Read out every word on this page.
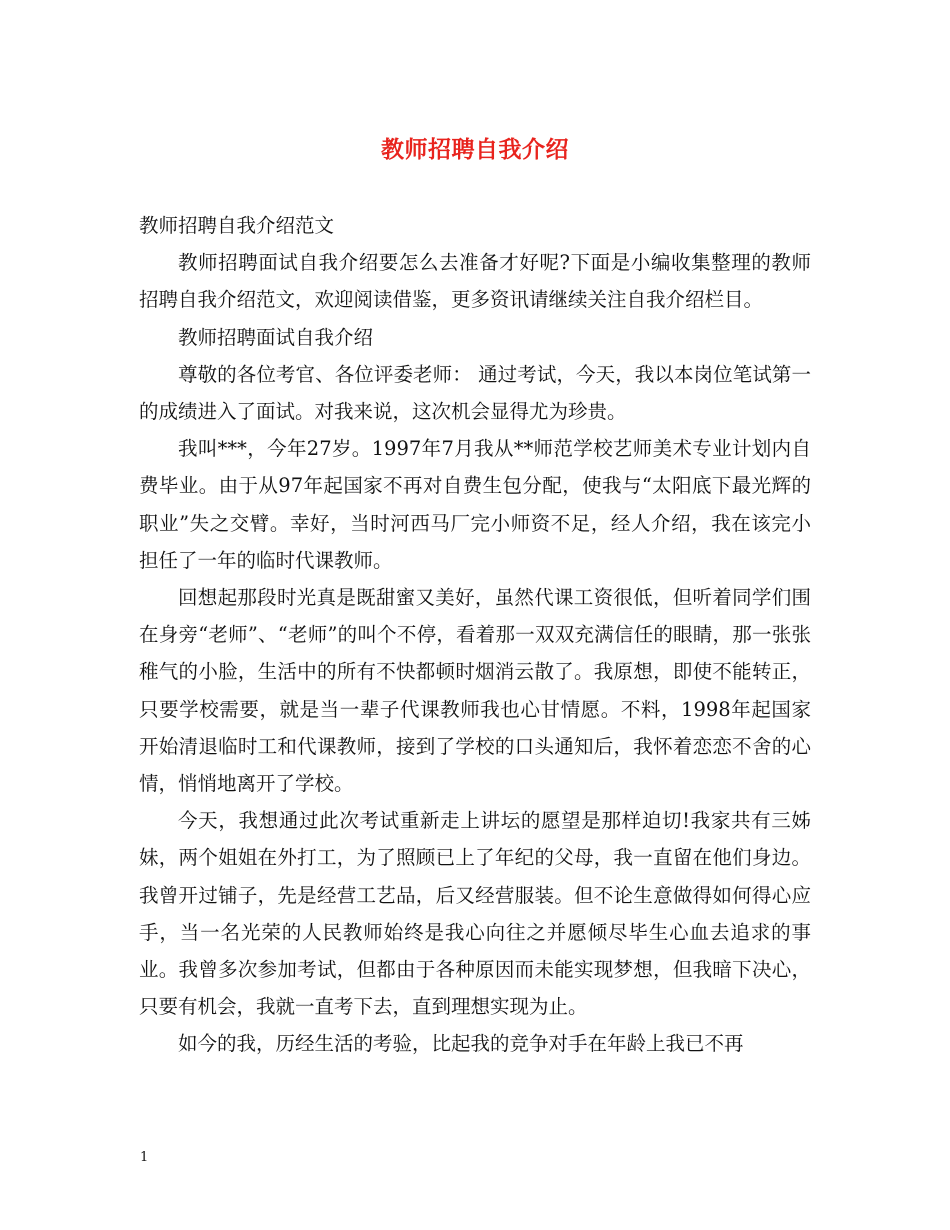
教师招聘自我介绍

教师招聘自我介绍范文

教师招聘面试自我介绍要怎么去准备才好呢?下面是小编收集整理的教师招聘自我介绍范文，欢迎阅读借鉴，更多资讯请继续关注自我介绍栏目。

教师招聘面试自我介绍

尊敬的各位考官、各位评委老师： 通过考试，今天，我以本岗位笔试第一的成绩进入了面试。对我来说，这次机会显得尤为珍贵。

我叫***，今年27岁。1997年7月我从**师范学校艺师美术专业计划内自费毕业。由于从97年起国家不再对自费生包分配，使我与“太阳底下最光辉的职业”失之交臂。幸好，当时河西马厂完小师资不足，经人介绍，我在该完小担任了一年的临时代课教师。

回想起那段时光真是既甜蜜又美好，虽然代课工资很低，但听着同学们围在身旁“老师”、“老师”的叫个不停，看着那一双双充满信任的眼睛，那一张张稚气的小脸，生活中的所有不快都顿时烟消云散了。我原想，即使不能转正，只要学校需要，就是当一辈子代课教师我也心甘情愿。不料，1998年起国家开始清退临时工和代课教师，接到了学校的口头通知后，我怀着恋恋不舍的心情，悄悄地离开了学校。

今天，我想通过此次考试重新走上讲坛的愿望是那样迫切!我家共有三姊妹，两个姐姐在外打工，为了照顾已上了年纪的父母，我一直留在他们身边。我曾开过铺子，先是经营工艺品，后又经营服装。但不论生意做得如何得心应手，当一名光荣的人民教师始终是我心向往之并愿倾尽毕生心血去追求的事业。我曾多次参加考试，但都由于各种原因而未能实现梦想，但我暗下决心，只要有机会，我就一直考下去，直到理想实现为止。

如今的我，历经生活的考验，比起我的竞争对手在年龄上我已不再

1
